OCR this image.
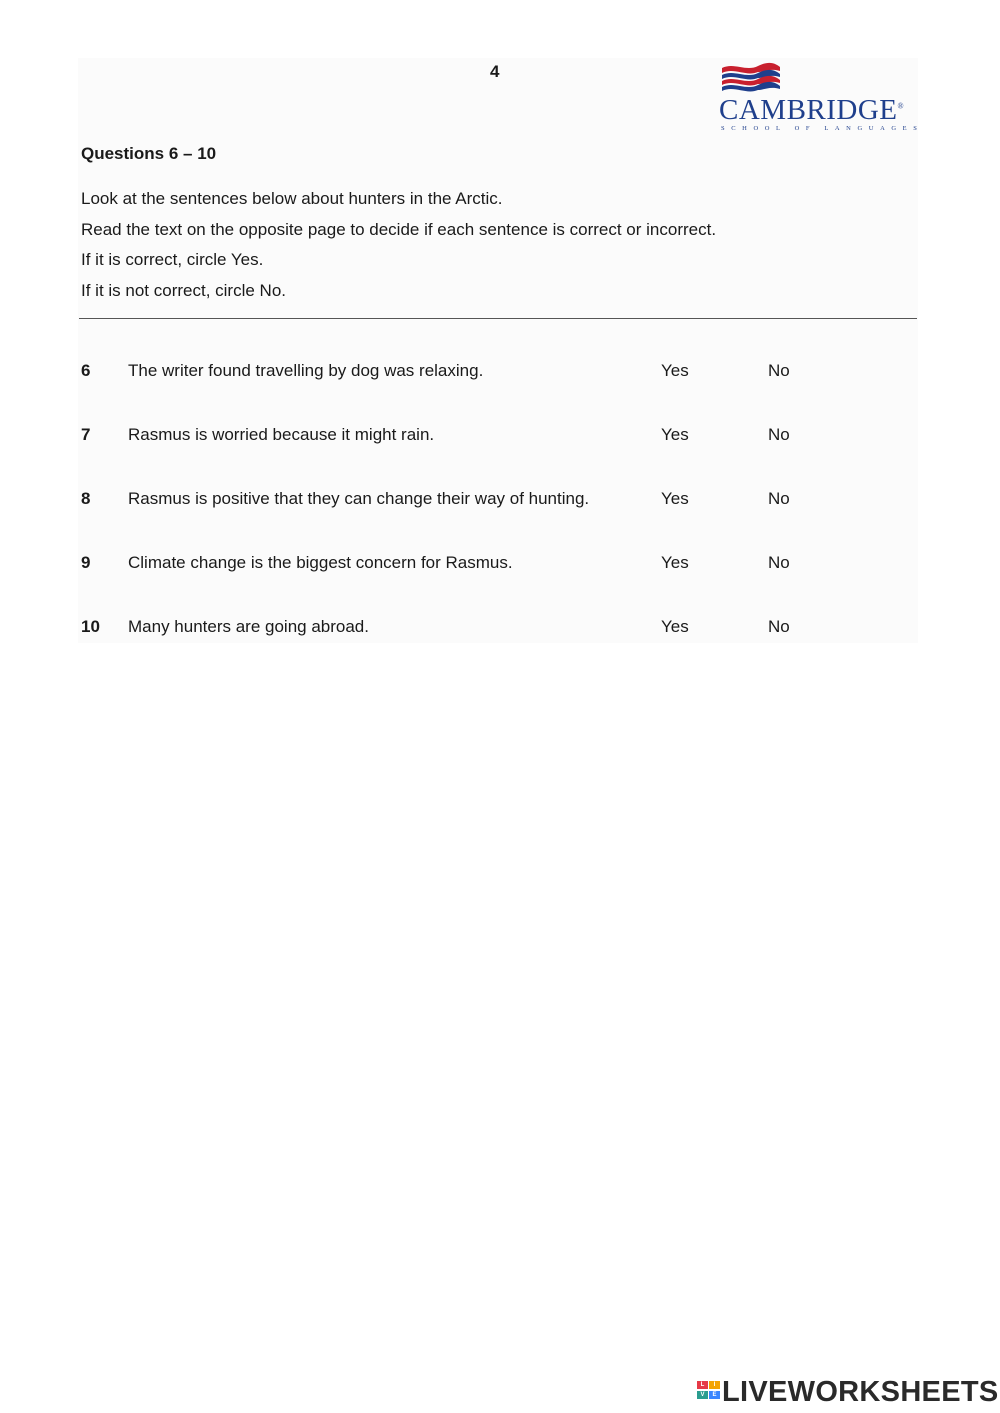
4
CAMBRIDGE®
SCHOOL OF LANGUAGES
Questions 6 – 10
Look at the sentences below about hunters in the Arctic.
Read the text on the opposite page to decide if each sentence is correct or incorrect.
If it is correct, circle Yes.
If it is not correct, circle No.
6 The writer found travelling by dog was relaxing.	Yes	No
7 Rasmus is worried because it might rain.	Yes	No
8 Rasmus is positive that they can change their way of hunting.	Yes	No
9 Climate change is the biggest concern for Rasmus.	Yes	No
10 Many hunters are going abroad.	Yes	No
L	I
V	E LIVEWORKSHEETS
